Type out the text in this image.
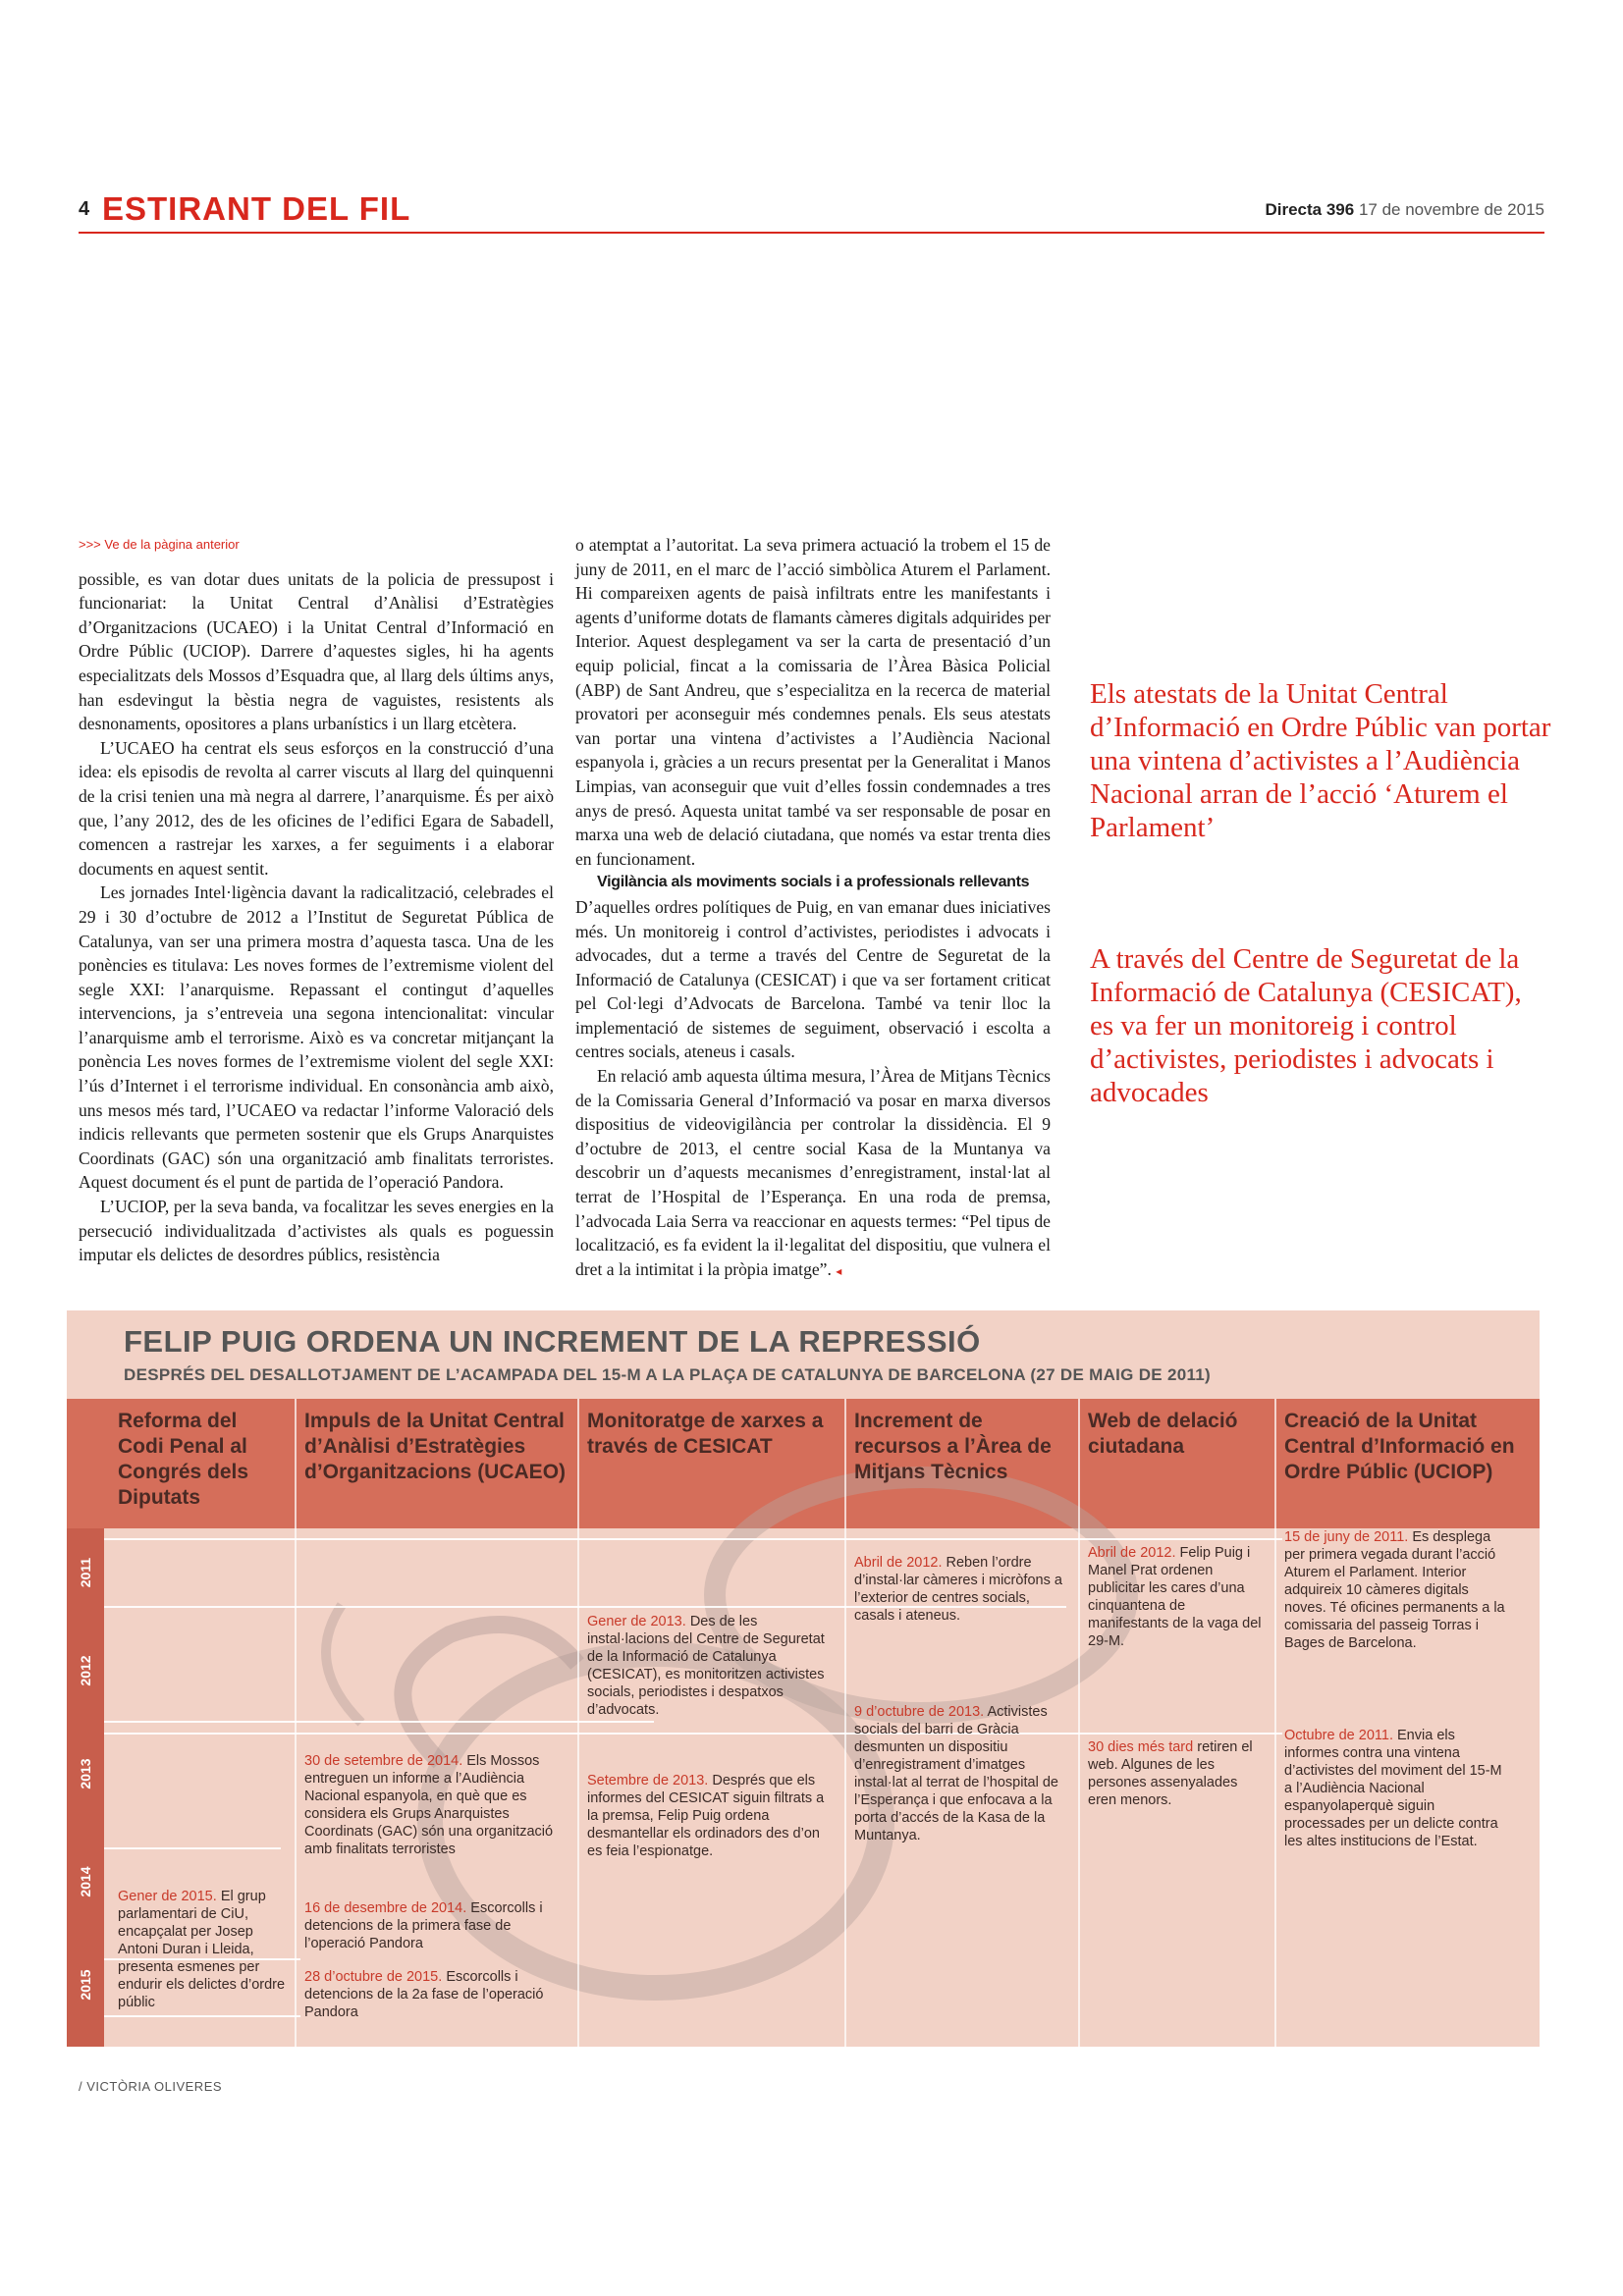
4 ESTIRANT DEL FIL	Directa 396 17 de novembre de 2015

>>> Ve de la pàgina anterior

possible, es van dotar dues unitats de la policia de pressupost i funcionariat: la Unitat Central d’Anàlisi d’Estratègies d’Organitzacions (UCAEO) i la Unitat Central d’Informació en Ordre Públic (UCIOP). Darrere d’aquestes sigles, hi ha agents especialitzats dels Mossos d’Esquadra que, al llarg dels últims anys, han esdevingut la bèstia negra de vaguistes, resistents als desnonaments, opositores a plans urbanístics i un llarg etcètera.

L’UCAEO ha centrat els seus esforços en la construcció d’una idea: els episodis de revolta al carrer viscuts al llarg del quinquenni de la crisi tenien una mà negra al darrere, l’anarquisme. És per això que, l’any 2012, des de les oficines de l’edifici Egara de Sabadell, comencen a rastrejar les xarxes, a fer seguiments i a elaborar documents en aquest sentit.

Les jornades Intel·ligència davant la radicalització, celebrades el 29 i 30 d’octubre de 2012 a l’Institut de Seguretat Pública de Catalunya, van ser una primera mostra d’aquesta tasca. Una de les ponències es titulava: Les noves formes de l’extremisme violent del segle XXI: l’anarquisme. Repassant el contingut d’aquelles intervencions, ja s’entreveia una segona intencionalitat: vincular l’anarquisme amb el terrorisme. Això es va concretar mitjançant la ponència Les noves formes de l’extremisme violent del segle XXI: l’ús d’Internet i el terrorisme individual. En consonància amb això, uns mesos més tard, l’UCAEO va redactar l’informe Valoració dels indicis rellevants que permeten sostenir que els Grups Anarquistes Coordinats (GAC) són una organització amb finalitats terroristes. Aquest document és el punt de partida de l’operació Pandora.

L’UCIOP, per la seva banda, va focalitzar les seves energies en la persecució individualitzada d’activistes als quals es poguessin imputar els delictes de desordres públics, resistència

o atemptat a l’autoritat. La seva primera actuació la trobem el 15 de juny de 2011, en el marc de l’acció simbòlica Aturem el Parlament. Hi compareixen agents de paisà infiltrats entre les manifestants i agents d’uniforme dotats de flamants càmeres digitals adquirides per Interior. Aquest desplegament va ser la carta de presentació d’un equip policial, fincat a la comissaria de l’Àrea Bàsica Policial (ABP) de Sant Andreu, que s’especialitza en la recerca de material provatori per aconseguir més condemnes penals. Els seus atestats van portar una vintena d’activistes a l’Audiència Nacional espanyola i, gràcies a un recurs presentat per la Generalitat i Manos Limpias, van aconseguir que vuit d’elles fossin condemnades a tres anys de presó. Aquesta unitat també va ser responsable de posar en marxa una web de delació ciutadana, que només va estar trenta dies en funcionament.

Vigilància als moviments socials i a professionals rellevants

D’aquelles ordres polítiques de Puig, en van emanar dues iniciatives més. Un monitoreig i control d’activistes, periodistes i advocats i advocades, dut a terme a través del Centre de Seguretat de la Informació de Catalunya (CESICAT) i que va ser fortament criticat pel Col·legi d’Advocats de Barcelona. També va tenir lloc la implementació de sistemes de seguiment, observació i escolta a centres socials, ateneus i casals.

En relació amb aquesta última mesura, l’Àrea de Mitjans Tècnics de la Comissaria General d’Informació va posar en marxa diversos dispositius de videovigilància per controlar la dissidència. El 9 d’octubre de 2013, el centre social Kasa de la Muntanya va descobrir un d’aquests mecanismes d’enregistrament, instal·lat al terrat de l’Hospital de l’Esperança. En una roda de premsa, l’advocada Laia Serra va reaccionar en aquests termes: “Pel tipus de localització, es fa evident la il·legalitat del dispositiu, que vulnera el dret a la intimitat i la pròpia imatge”. ◂

Els atestats de la Unitat Central d’Informació en Ordre Públic van portar una vintena d’activistes a l’Audiència Nacional arran de l’acció ‘Aturem el Parlament’
A través del Centre de Seguretat de la Informació de Catalunya (CESICAT), es va fer un monitoreig i control d’activistes, periodistes i advocats i advocades
FELIP PUIG ORDENA UN INCREMENT DE LA REPRESSIÓ
DESPRÉS DEL DESALLOTJAMENT DE L’ACAMPADA DEL 15-M A LA PLAÇA DE CATALUNYA DE BARCELONA (27 DE MAIG DE 2011)
Reforma del Codi Penal al Congrés dels Diputats
Impuls de la Unitat Central d’Anàlisi d’Estratègies d’Organitzacions (UCAEO)
Monitoratge de xarxes a través de CESICAT
Increment de recursos a l’Àrea de Mitjans Tècnics
Web de delació ciutadana
Creació de la Unitat Central d’Informació en Ordre Públic (UCIOP)
2011
2012
2013
2014
2015
Gener de 2015. El grup parlamentari de CiU, encapçalat per Josep Antoni Duran i Lleida, presenta esmenes per endurir els delictes d’ordre públic
30 de setembre de 2014. Els Mossos entreguen un informe a l’Audiència Nacional espanyola, en què que es considera els Grups Anarquistes Coordinats (GAC) són una organització amb finalitats terroristes
16 de desembre de 2014. Escorcolls i detencions de la primera fase de l’operació Pandora
28 d’octubre de 2015. Escorcolls i detencions de la 2a fase de l’operació Pandora
Gener de 2013. Des de les instal·lacions del Centre de Seguretat de la Informació de Catalunya (CESICAT), es monitoritzen activistes socials, periodistes i despatxos d’advocats.
Setembre de 2013. Després que els informes del CESICAT siguin filtrats a la premsa, Felip Puig ordena desmantellar els ordinadors des d’on es feia l’espionatge.
Abril de 2012. Reben l’ordre d’instal·lar càmeres i micròfons a l’exterior de centres socials, casals i ateneus.
9 d’octubre de 2013. Activistes socials del barri de Gràcia desmunten un dispositiu d’enregistrament d’imatges instal·lat al terrat de l’hospital de l’Esperança i que enfocava a la porta d’accés de la Kasa de la Muntanya.
Abril de 2012. Felip Puig i Manel Prat ordenen publicitar les cares d’una cinquantena de manifestants de la vaga del 29-M.
30 dies més tard retiren el web. Algunes de les persones assenyalades eren menors.
15 de juny de 2011. Es desplega per primera vegada durant l’acció Aturem el Parlament. Interior adquireix 10 càmeres digitals noves. Té oficines permanents a la comissaria del passeig Torras i Bages de Barcelona.
Octubre de 2011. Envia els informes contra una vintena d’activistes del moviment del 15-M a l’Audiència Nacional espanyolaperquè siguin processades per un delicte contra les altes institucions de l’Estat.
/ VICTÒRIA OLIVERES
